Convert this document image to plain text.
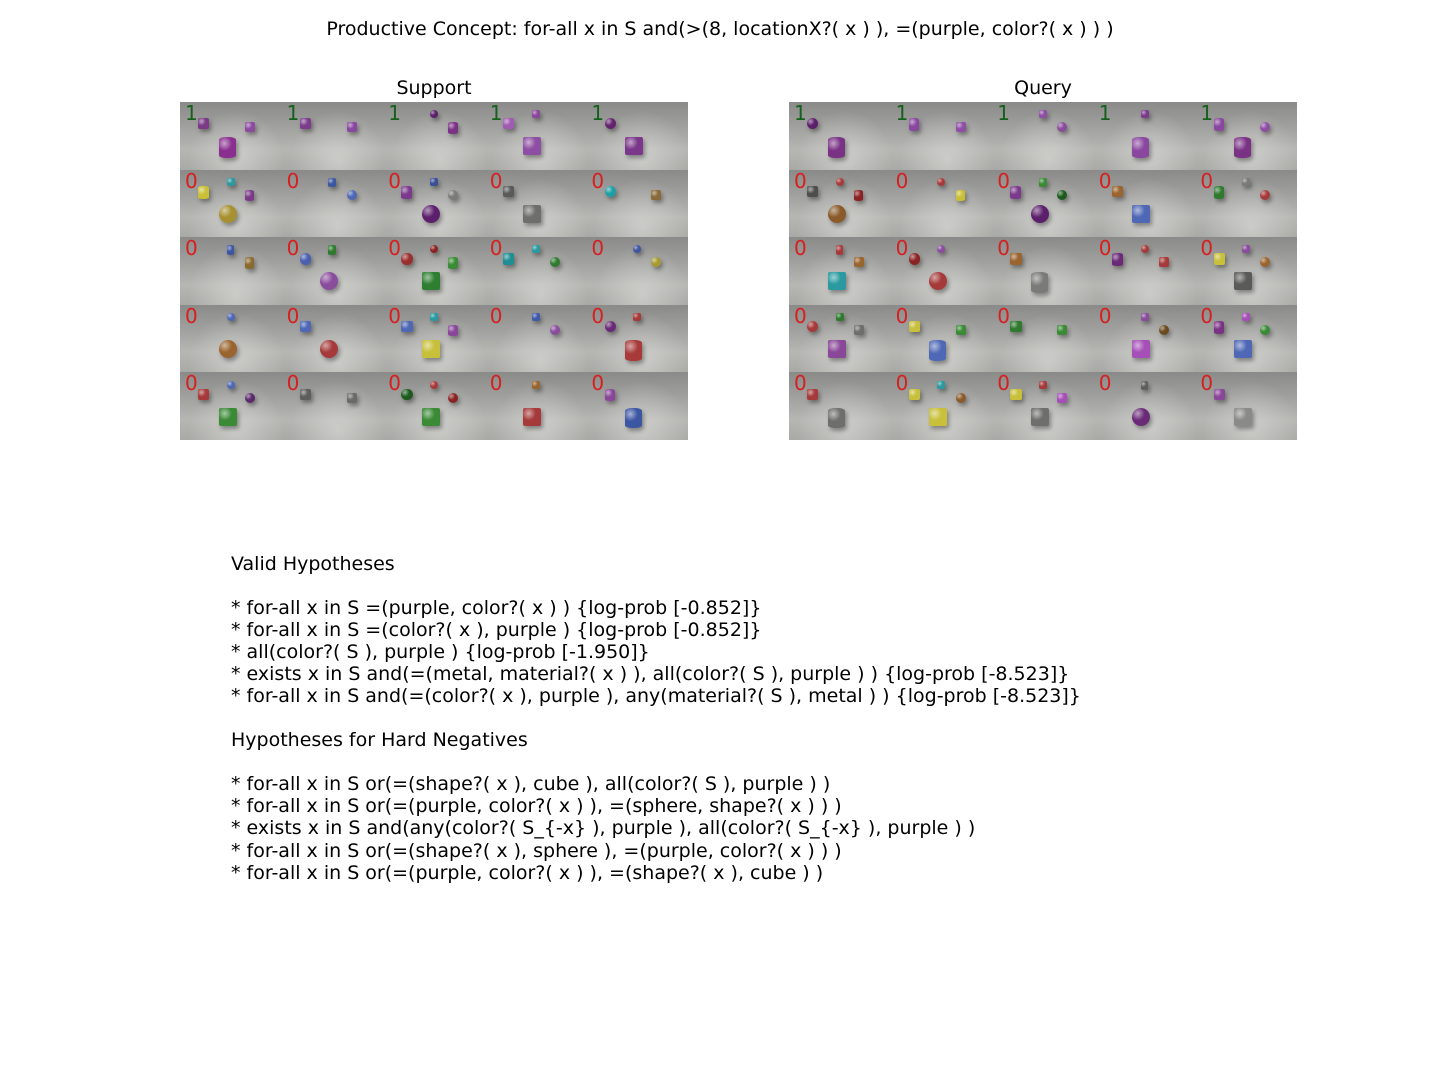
Productive Concept: for-all x in S and(>(8, locationX?( x ) ), =(purple, color?( x ) ) )
Support
1	1	1	1	1
0	0	0	0	0
0	0	0	0	0
0	0	0	0	0
0	0	0	0	0
Query
1	1	1	1	1
0	0	0	0	0
0	0	0	0	0
0	0	0	0	0
0	0	0	0	0
Valid Hypotheses
* for-all x in S =(purple, color?( x ) ) {log-prob [-0.852]}
* for-all x in S =(color?( x ), purple ) {log-prob [-0.852]}
* all(color?( S ), purple ) {log-prob [-1.950]}
* exists x in S and(=(metal, material?( x ) ), all(color?( S ), purple ) ) {log-prob [-8.523]}
* for-all x in S and(=(color?( x ), purple ), any(material?( S ), metal ) ) {log-prob [-8.523]}
Hypotheses for Hard Negatives
* for-all x in S or(=(shape?( x ), cube ), all(color?( S ), purple ) )
* for-all x in S or(=(purple, color?( x ) ), =(sphere, shape?( x ) ) )
* exists x in S and(any(color?( S_{-x} ), purple ), all(color?( S_{-x} ), purple ) )
* for-all x in S or(=(shape?( x ), sphere ), =(purple, color?( x ) ) )
* for-all x in S or(=(purple, color?( x ) ), =(shape?( x ), cube ) )
